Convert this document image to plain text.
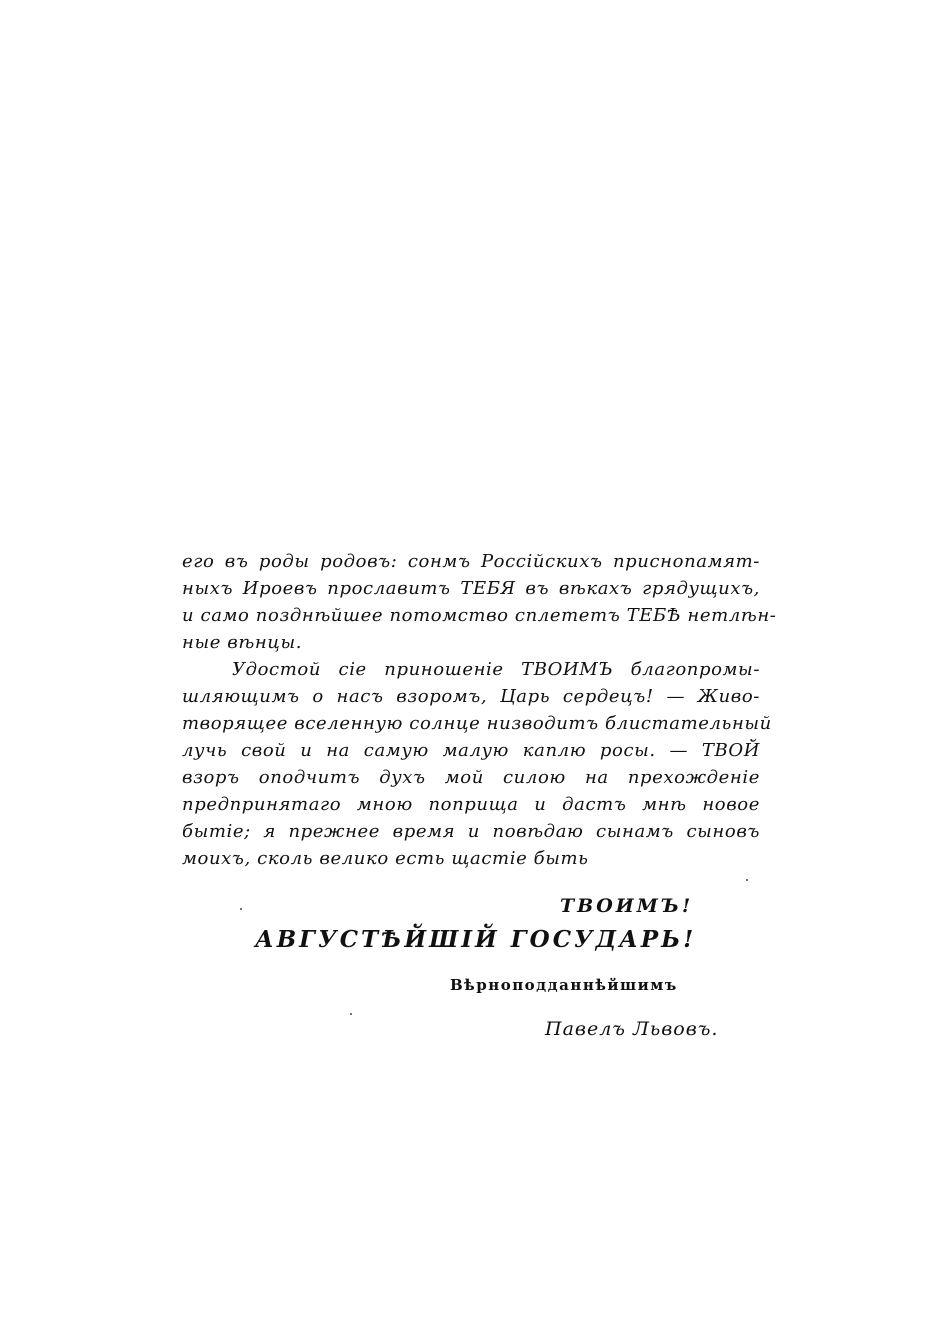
его въ роды родовъ: сонмъ Россійскихъ присноnамят-
ныхъ Ироевъ прославитъ ТЕБЯ въ вѣкахъ грядущихъ,
и само позднѣйшее потомство сплететъ ТЕБѢ нетлѣн-
ные вѣнцы.
Удостой сіе приношеніе ТВОИМЪ благопромы-
шляющимъ о насъ взоромъ, Царь сердецъ! — Живо-
творящее вселенную солнце низводитъ блистательный
лучь свой и на самую малую каплю росы. — ТВОЙ
взоръ оподчитъ духъ мой силою на прехожденіе
предпринятаго мною поприща и дастъ мнѣ новое
бытіе; я прежнее время и повѣдаю сынамъ сыновъ
моихъ, сколь велико есть щастіе быть
ТВОИМЪ!
АВГУСТѢЙШІЙ ГОСУДАРЬ!
Вѣрноподданнѣйшимъ
Павелъ Львовъ.
